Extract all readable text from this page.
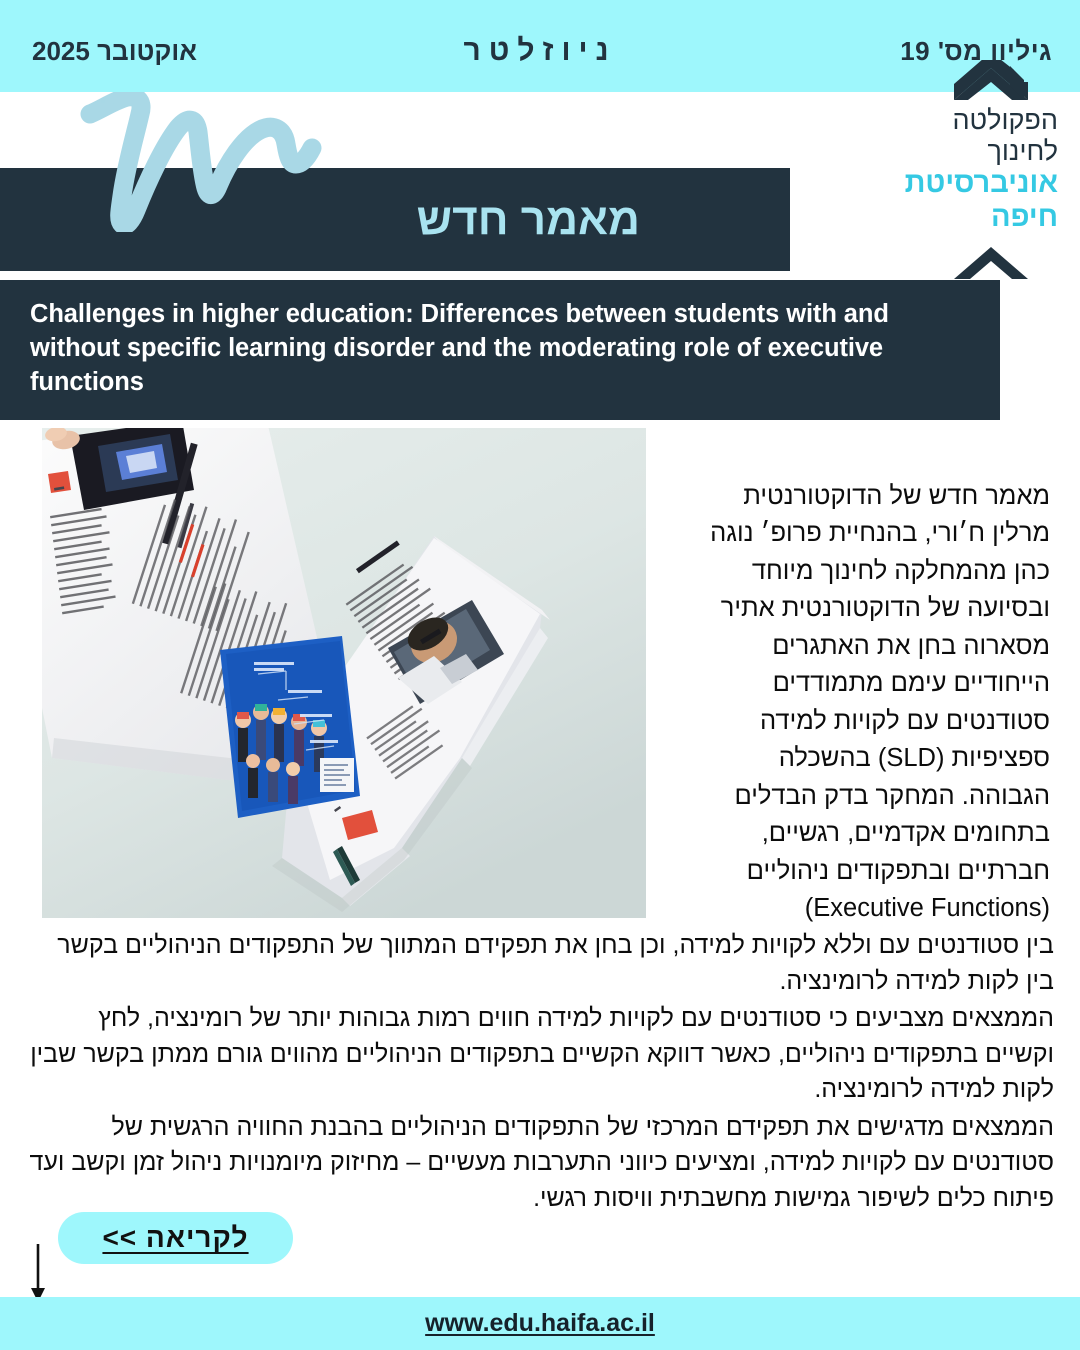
גיליון מס' 19
ניוזלטר
אוקטובר 2025
הפקולטה
לחינוך
אוניברסיטת
חיפה
מאמר חדש
Challenges in higher education: Differences between students with and without specific learning disorder and the moderating role of executive functions
מאמר חדש של הדוקטורנטית מרלין ח׳ורי, בהנחיית פרופ׳ נוגה כהן מהמחלקה לחינוך מיוחד ובסיועה של הדוקטורנטית אתיר מסארוה בחן את האתגרים הייחודיים עימם מתמודדים סטודנטים עם לקויות למידה ספציפיות (SLD) בהשכלה הגבוהה. המחקר בדק הבדלים בתחומים אקדמיים, רגשיים, חברתיים ובתפקודים ניהוליים (Executive Functions)

בין סטודנטים עם וללא לקויות למידה, וכן בחן את תפקידם המתווך של התפקודים הניהוליים בקשר בין לקות למידה לרומינציה.

הממצאים מצביעים כי סטודנטים עם לקויות למידה חווים רמות גבוהות יותר של רומינציה, לחץ וקשיים בתפקודים ניהוליים, כאשר דווקא הקשיים בתפקודים הניהוליים מהווים גורם ממתן בקשר שבין לקות למידה לרומינציה.

הממצאים מדגישים את תפקידם המרכזי של התפקודים הניהוליים בהבנת החוויה הרגשית של סטודנטים עם לקויות למידה, ומציעים כיווני התערבות מעשיים – מחיזוק מיומנויות ניהול זמן וקשב ועד פיתוח כלים לשיפור גמישות מחשבתית וויסות רגשי.

לקריאה >>
www.edu.haifa.ac.il
